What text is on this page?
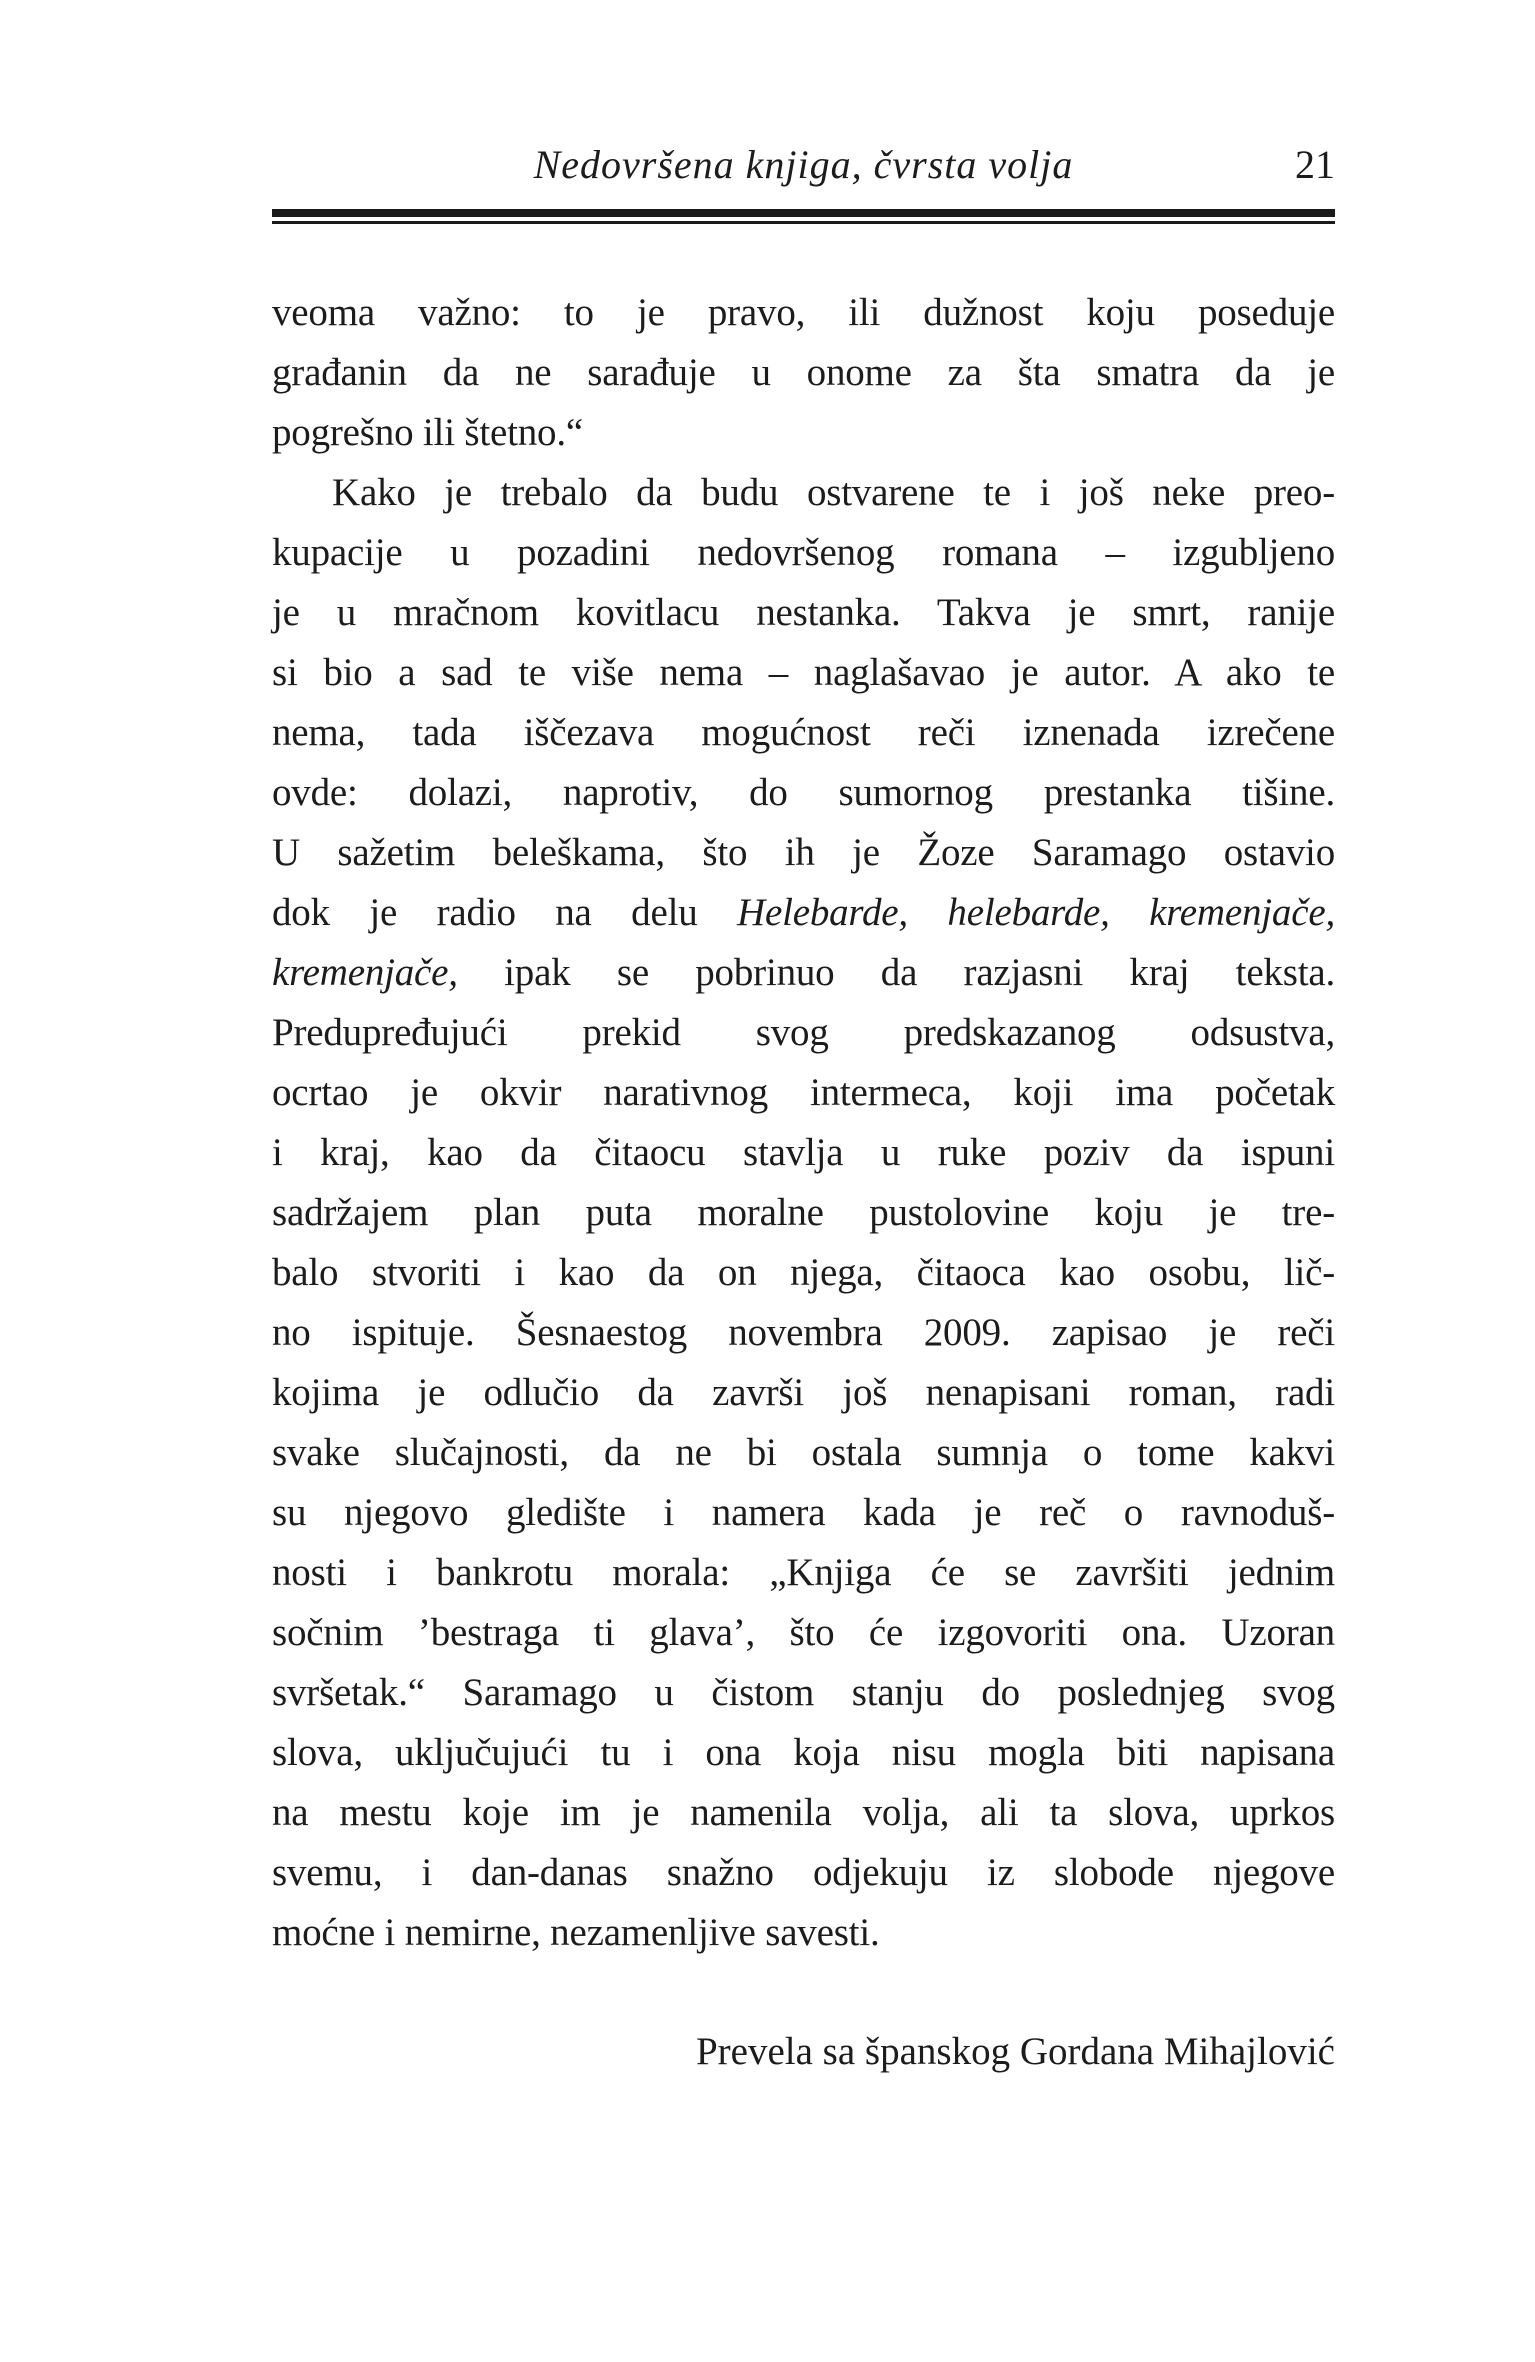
Nedovršena knjiga, čvrsta volja	21
veoma važno: to je pravo, ili dužnost koju poseduje
građanin da ne sarađuje u onome za šta smatra da je
pogrešno ili štetno.“
Kako je trebalo da budu ostvarene te i još neke preo-
kupacije u pozadini nedovršenog romana – izgubljeno
je u mračnom kovitlacu nestanka. Takva je smrt, ranije
si bio a sad te više nema – naglašavao je autor. A ako te
nema, tada iščezava mogućnost reči iznenada izrečene
ovde: dolazi, naprotiv, do sumornog prestanka tišine.
U sažetim beleškama, što ih je Žoze Saramago ostavio
dok je radio na delu Helebarde, helebarde, kremenjače,
kremenjače, ipak se pobrinuo da razjasni kraj teksta.
Predupređujući prekid svog predskazanog odsustva,
ocrtao je okvir narativnog intermeca, koji ima početak
i kraj, kao da čitaocu stavlja u ruke poziv da ispuni
sadržajem plan puta moralne pustolovine koju je tre-
balo stvoriti i kao da on njega, čitaoca kao osobu, lič-
no ispituje. Šesnaestog novembra 2009. zapisao je reči
kojima je odlučio da završi još nenapisani roman, radi
svake slučajnosti, da ne bi ostala sumnja o tome kakvi
su njegovo gledište i namera kada je reč o ravnoduš-
nosti i bankrotu morala: „Knjiga će se završiti jednim
sočnim ’bestraga ti glava’, što će izgovoriti ona. Uzoran
svršetak.“ Saramago u čistom stanju do poslednjeg svog
slova, uključujući tu i ona koja nisu mogla biti napisana
na mestu koje im je namenila volja, ali ta slova, uprkos
svemu, i dan-danas snažno odjekuju iz slobode njegove
moćne i nemirne, nezamenljive savesti.
Prevela sa španskog Gordana Mihajlović
